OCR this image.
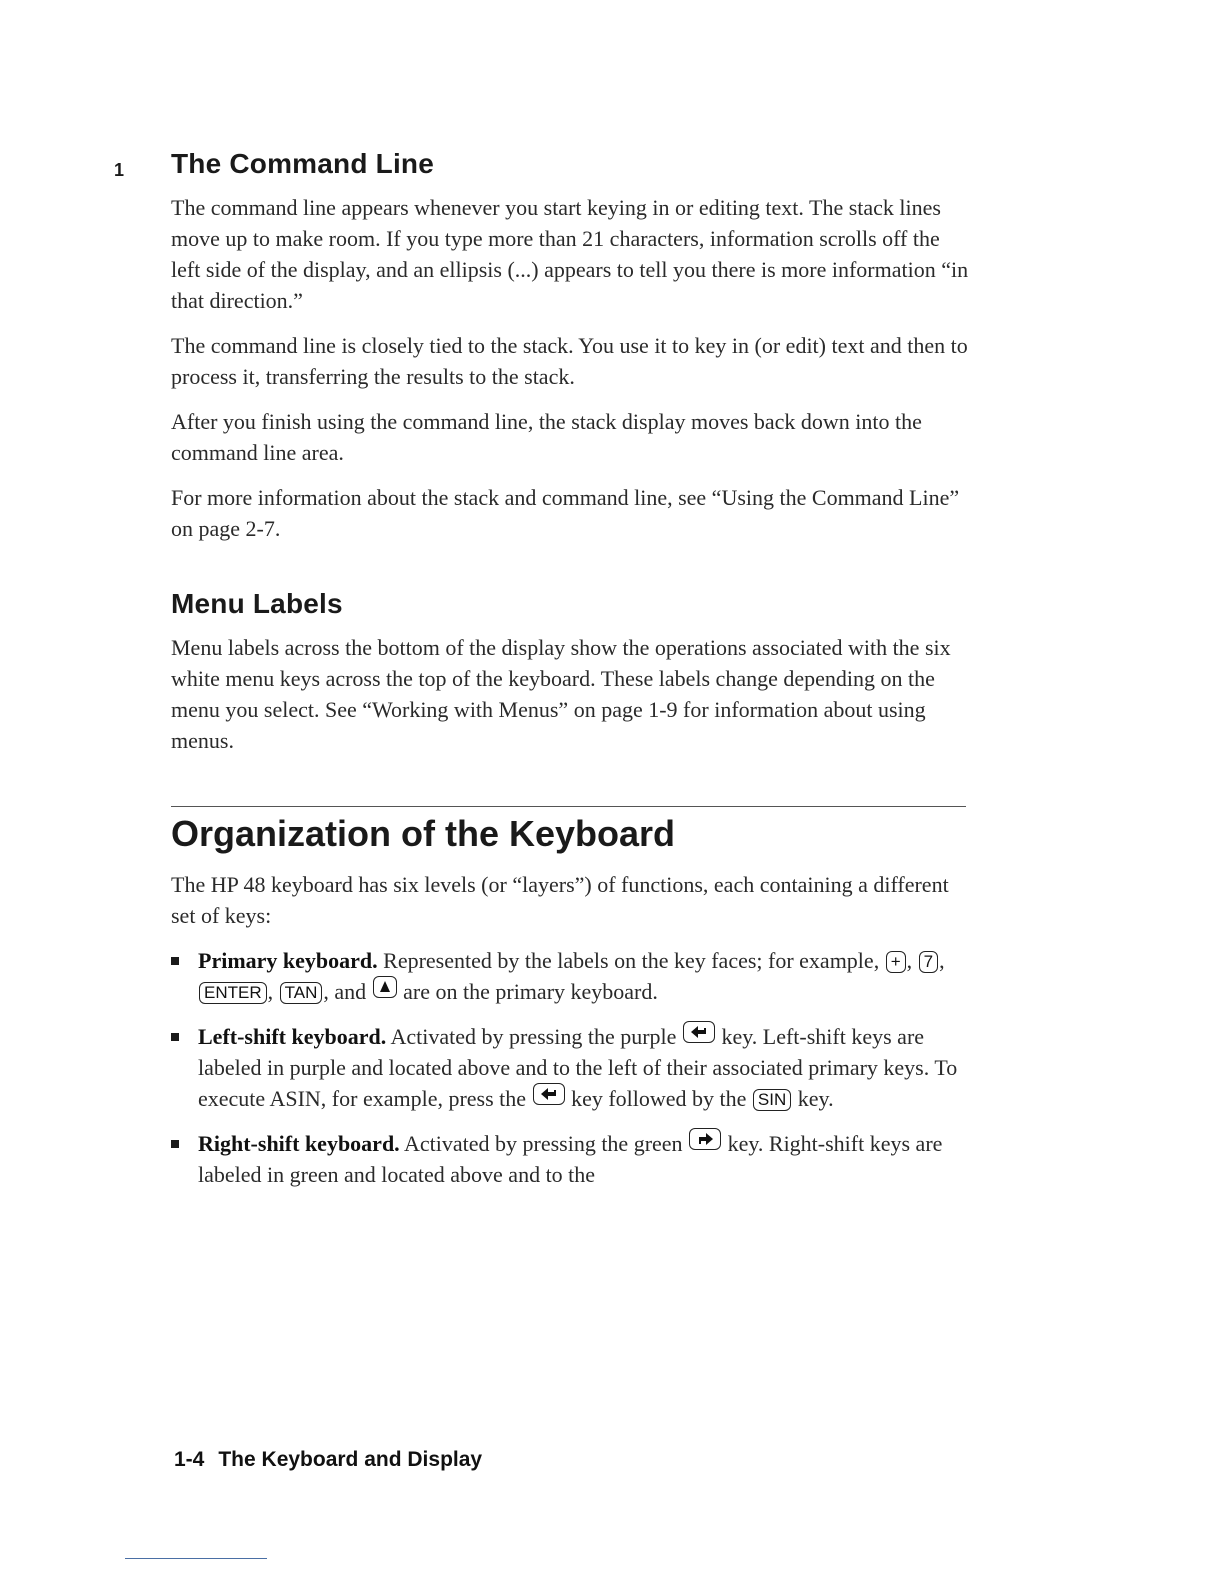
1 The Command Line

The command line appears whenever you start keying in or editing text. The stack lines move up to make room. If you type more than 21 characters, information scrolls off the left side of the display, and an ellipsis (...) appears to tell you there is more information “in that direction.”

The command line is closely tied to the stack. You use it to key in (or edit) text and then to process it, transferring the results to the stack.

After you finish using the command line, the stack display moves back down into the command line area.

For more information about the stack and command line, see “Using the Command Line” on page 2-7.

Menu Labels

Menu labels across the bottom of the display show the operations associated with the six white menu keys across the top of the keyboard. These labels change depending on the menu you select. See “Working with Menus” on page 1-9 for information about using menus.

Organization of the Keyboard

The HP 48 keyboard has six levels (or “layers”) of functions, each containing a different set of keys:

Primary keyboard. Represented by the labels on the key faces; for example, + , 7 , ENTER , TAN , and
are on the primary keyboard.
Left-shift keyboard. Activated by pressing the purple
key. Left-shift keys are labeled in purple and located above and to the left of their associated primary keys. To execute ASIN, for example, press the
key followed by the SIN key.
Right-shift keyboard. Activated by pressing the green
key. Right-shift keys are labeled in green and located above and to the
1-4 The Keyboard and Display
